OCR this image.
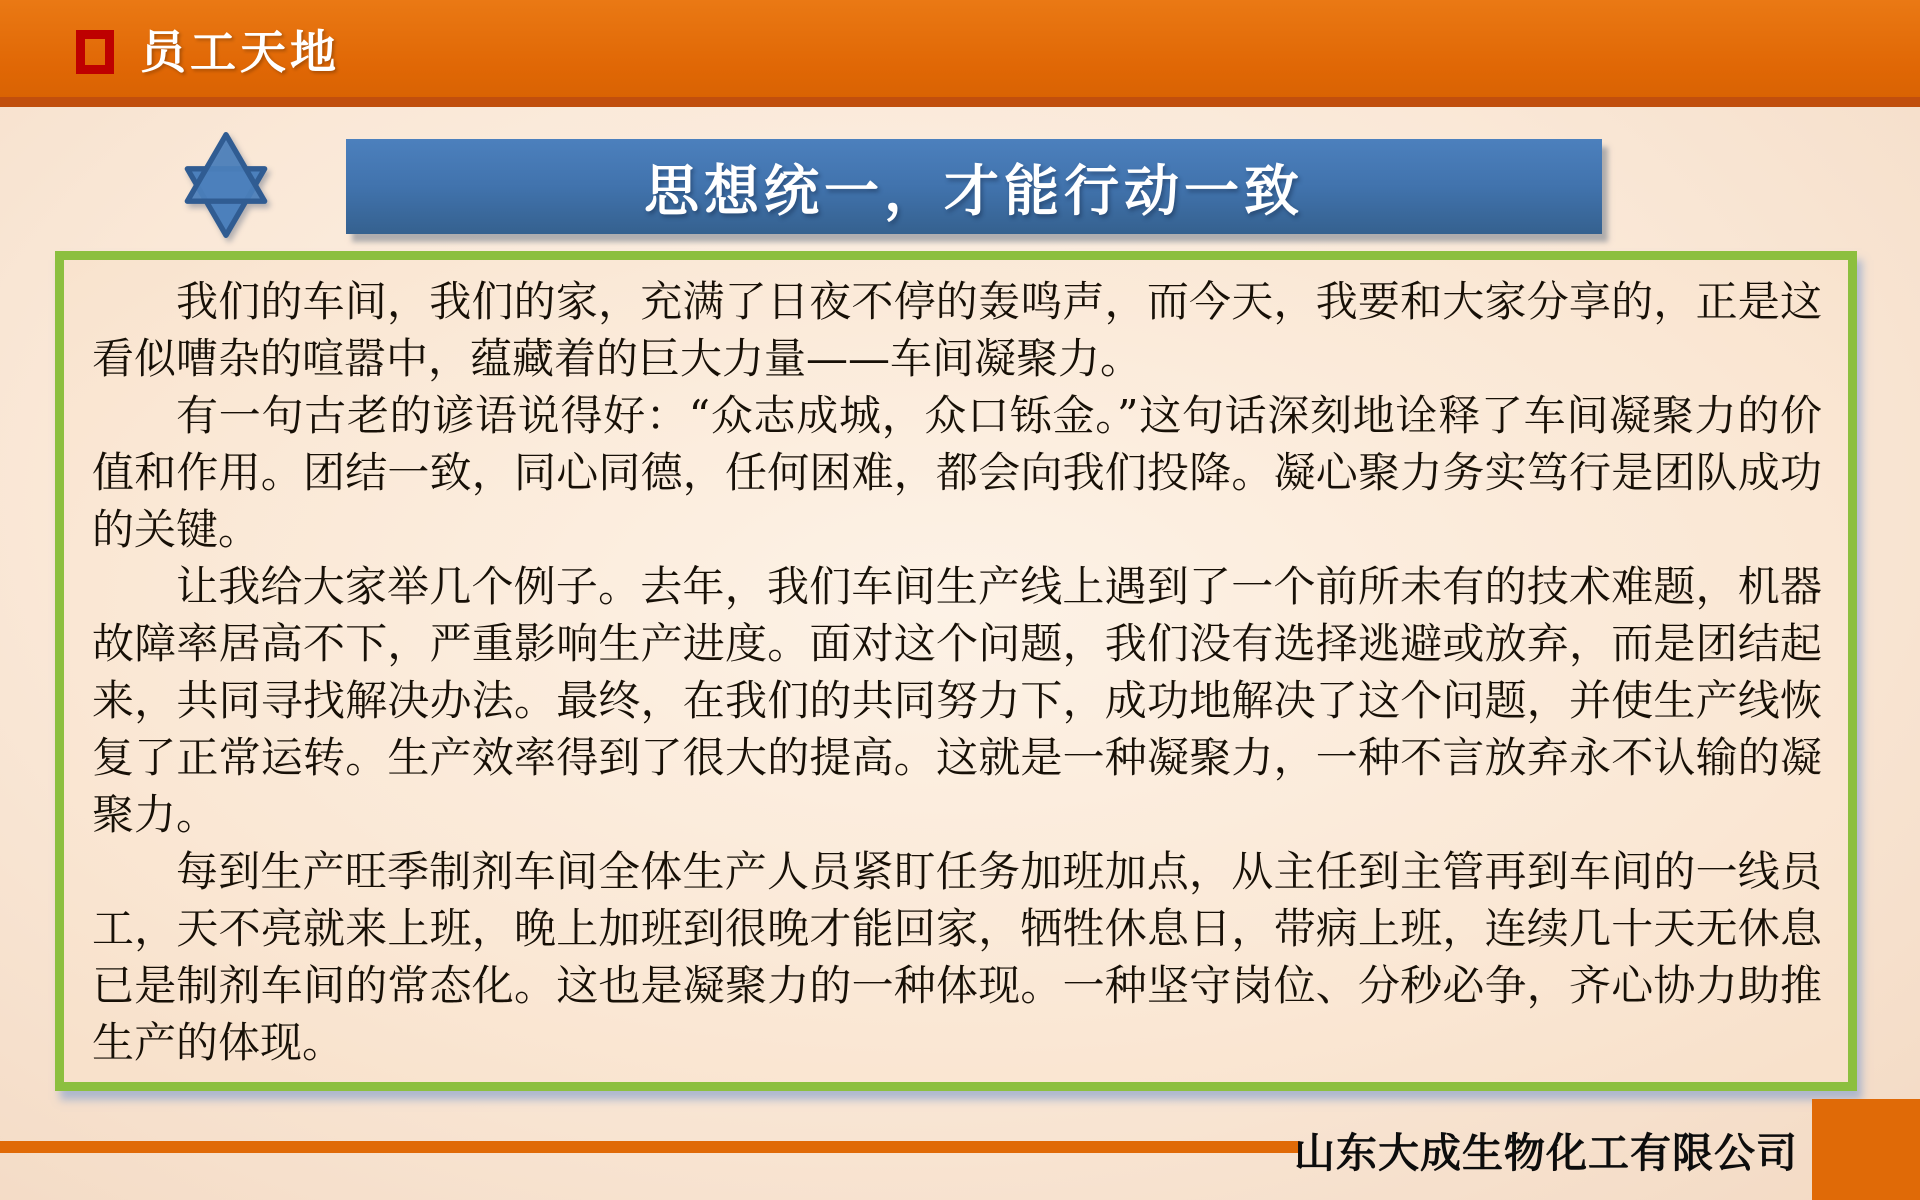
员工天地
思想统一，才能行动一致

我们的车间，我们的家，充满了日夜不停的轰鸣声，而今天，我要和大家分享的，正是这看似嘈杂的喧嚣中，蕴藏着的巨大力量——车间凝聚力。

有一句古老的谚语说得好：“众志成城，众口铄金。”这句话深刻地诠释了车间凝聚力的价值和作用。团结一致，同心同德，任何困难，都会向我们投降。凝心聚力务实笃行是团队成功的关键。

让我给大家举几个例子。去年，我们车间生产线上遇到了一个前所未有的技术难题，机器故障率居高不下，严重影响生产进度。面对这个问题，我们没有选择逃避或放弃，而是团结起来，共同寻找解决办法。最终，在我们的共同努力下，成功地解决了这个问题，并使生产线恢复了正常运转。生产效率得到了很大的提高。这就是一种凝聚力，一种不言放弃永不认输的凝聚力。

每到生产旺季制剂车间全体生产人员紧盯任务加班加点，从主任到主管再到车间的一线员工，天不亮就来上班，晚上加班到很晚才能回家，牺牲休息日，带病上班，连续几十天无休息已是制剂车间的常态化。这也是凝聚力的一种体现。一种坚守岗位、分秒必争，齐心协力助推生产的体现。

山东大成生物化工有限公司
